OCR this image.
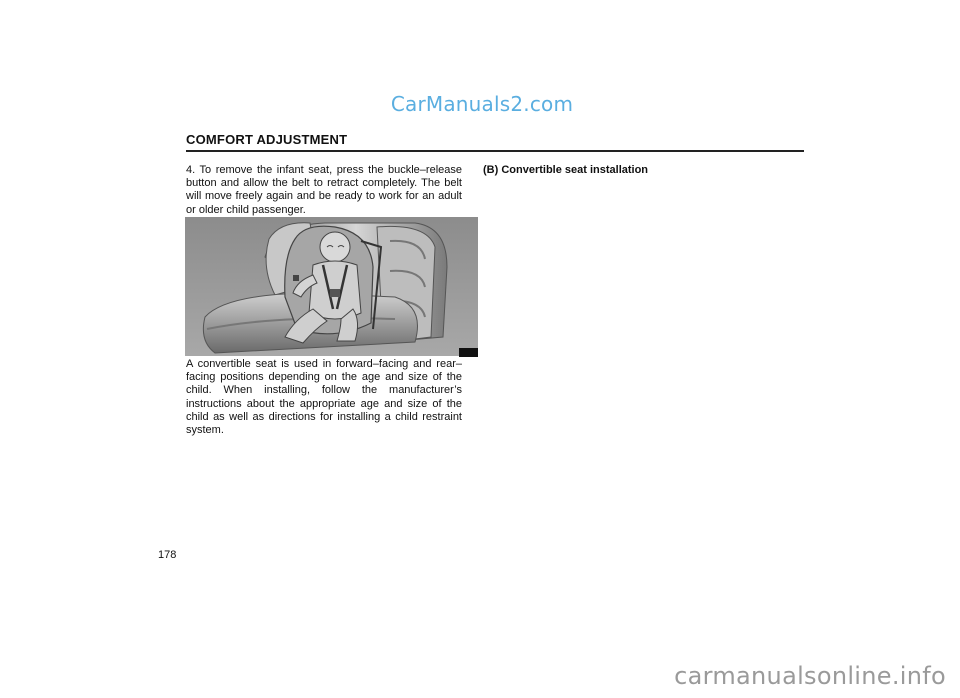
CarManuals2.com
COMFORT ADJUSTMENT
4. To remove the infant seat, press the buckle–release button and allow the belt to retract completely. The belt will move freely again and be ready to work for an adult or older child passenger.
A convertible seat is used in forward–facing and rear–facing positions depending on the age and size of the child. When installing, follow the manufacturer’s instructions about the appropriate age and size of the child as well as directions for installing a child restraint system.
(B) Convertible seat installation
178
carmanualsonline.info
